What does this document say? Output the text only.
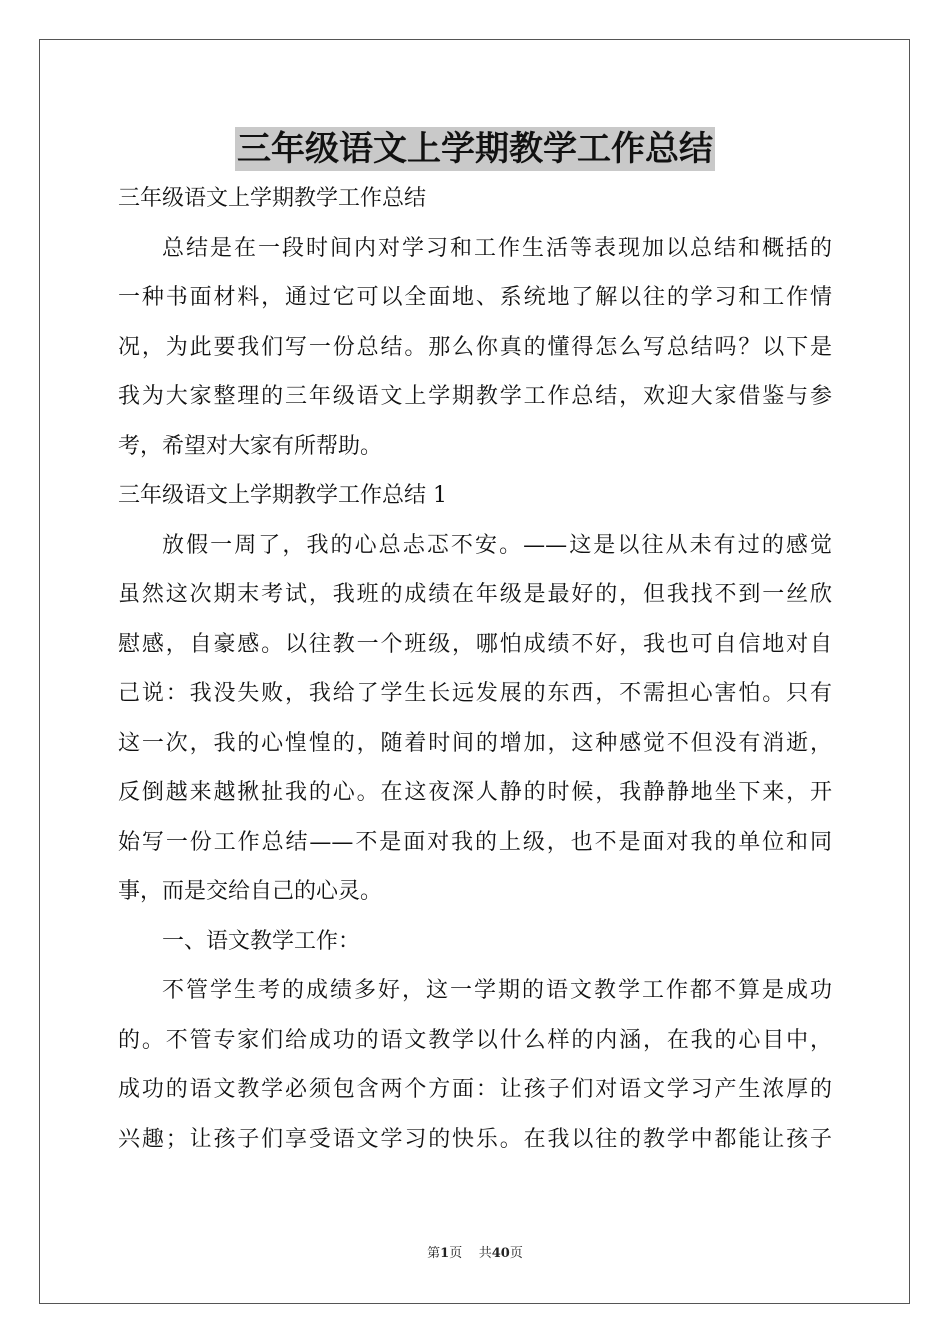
三年级语文上学期教学工作总结
三年级语文上学期教学工作总结
总结是在一段时间内对学习和工作生活等表现加以总结和概括的
一种书面材料，通过它可以全面地、系统地了解以往的学习和工作情
况，为此要我们写一份总结。那么你真的懂得怎么写总结吗？以下是
我为大家整理的三年级语文上学期教学工作总结，欢迎大家借鉴与参
考，希望对大家有所帮助。
三年级语文上学期教学工作总结 1
放假一周了，我的心总忐忑不安。——这是以往从未有过的感觉
虽然这次期末考试，我班的成绩在年级是最好的，但我找不到一丝欣
慰感，自豪感。以往教一个班级，哪怕成绩不好，我也可自信地对自
己说：我没失败，我给了学生长远发展的东西，不需担心害怕。只有
这一次，我的心惶惶的，随着时间的增加，这种感觉不但没有消逝，
反倒越来越揪扯我的心。在这夜深人静的时候，我静静地坐下来，开
始写一份工作总结——不是面对我的上级，也不是面对我的单位和同
事，而是交给自己的心灵。
一、语文教学工作：
不管学生考的成绩多好，这一学期的语文教学工作都不算是成功
的。不管专家们给成功的语文教学以什么样的内涵，在我的心目中，
成功的语文教学必须包含两个方面：让孩子们对语文学习产生浓厚的
兴趣；让孩子们享受语文学习的快乐。在我以往的教学中都能让孩子
第1页 共40页
